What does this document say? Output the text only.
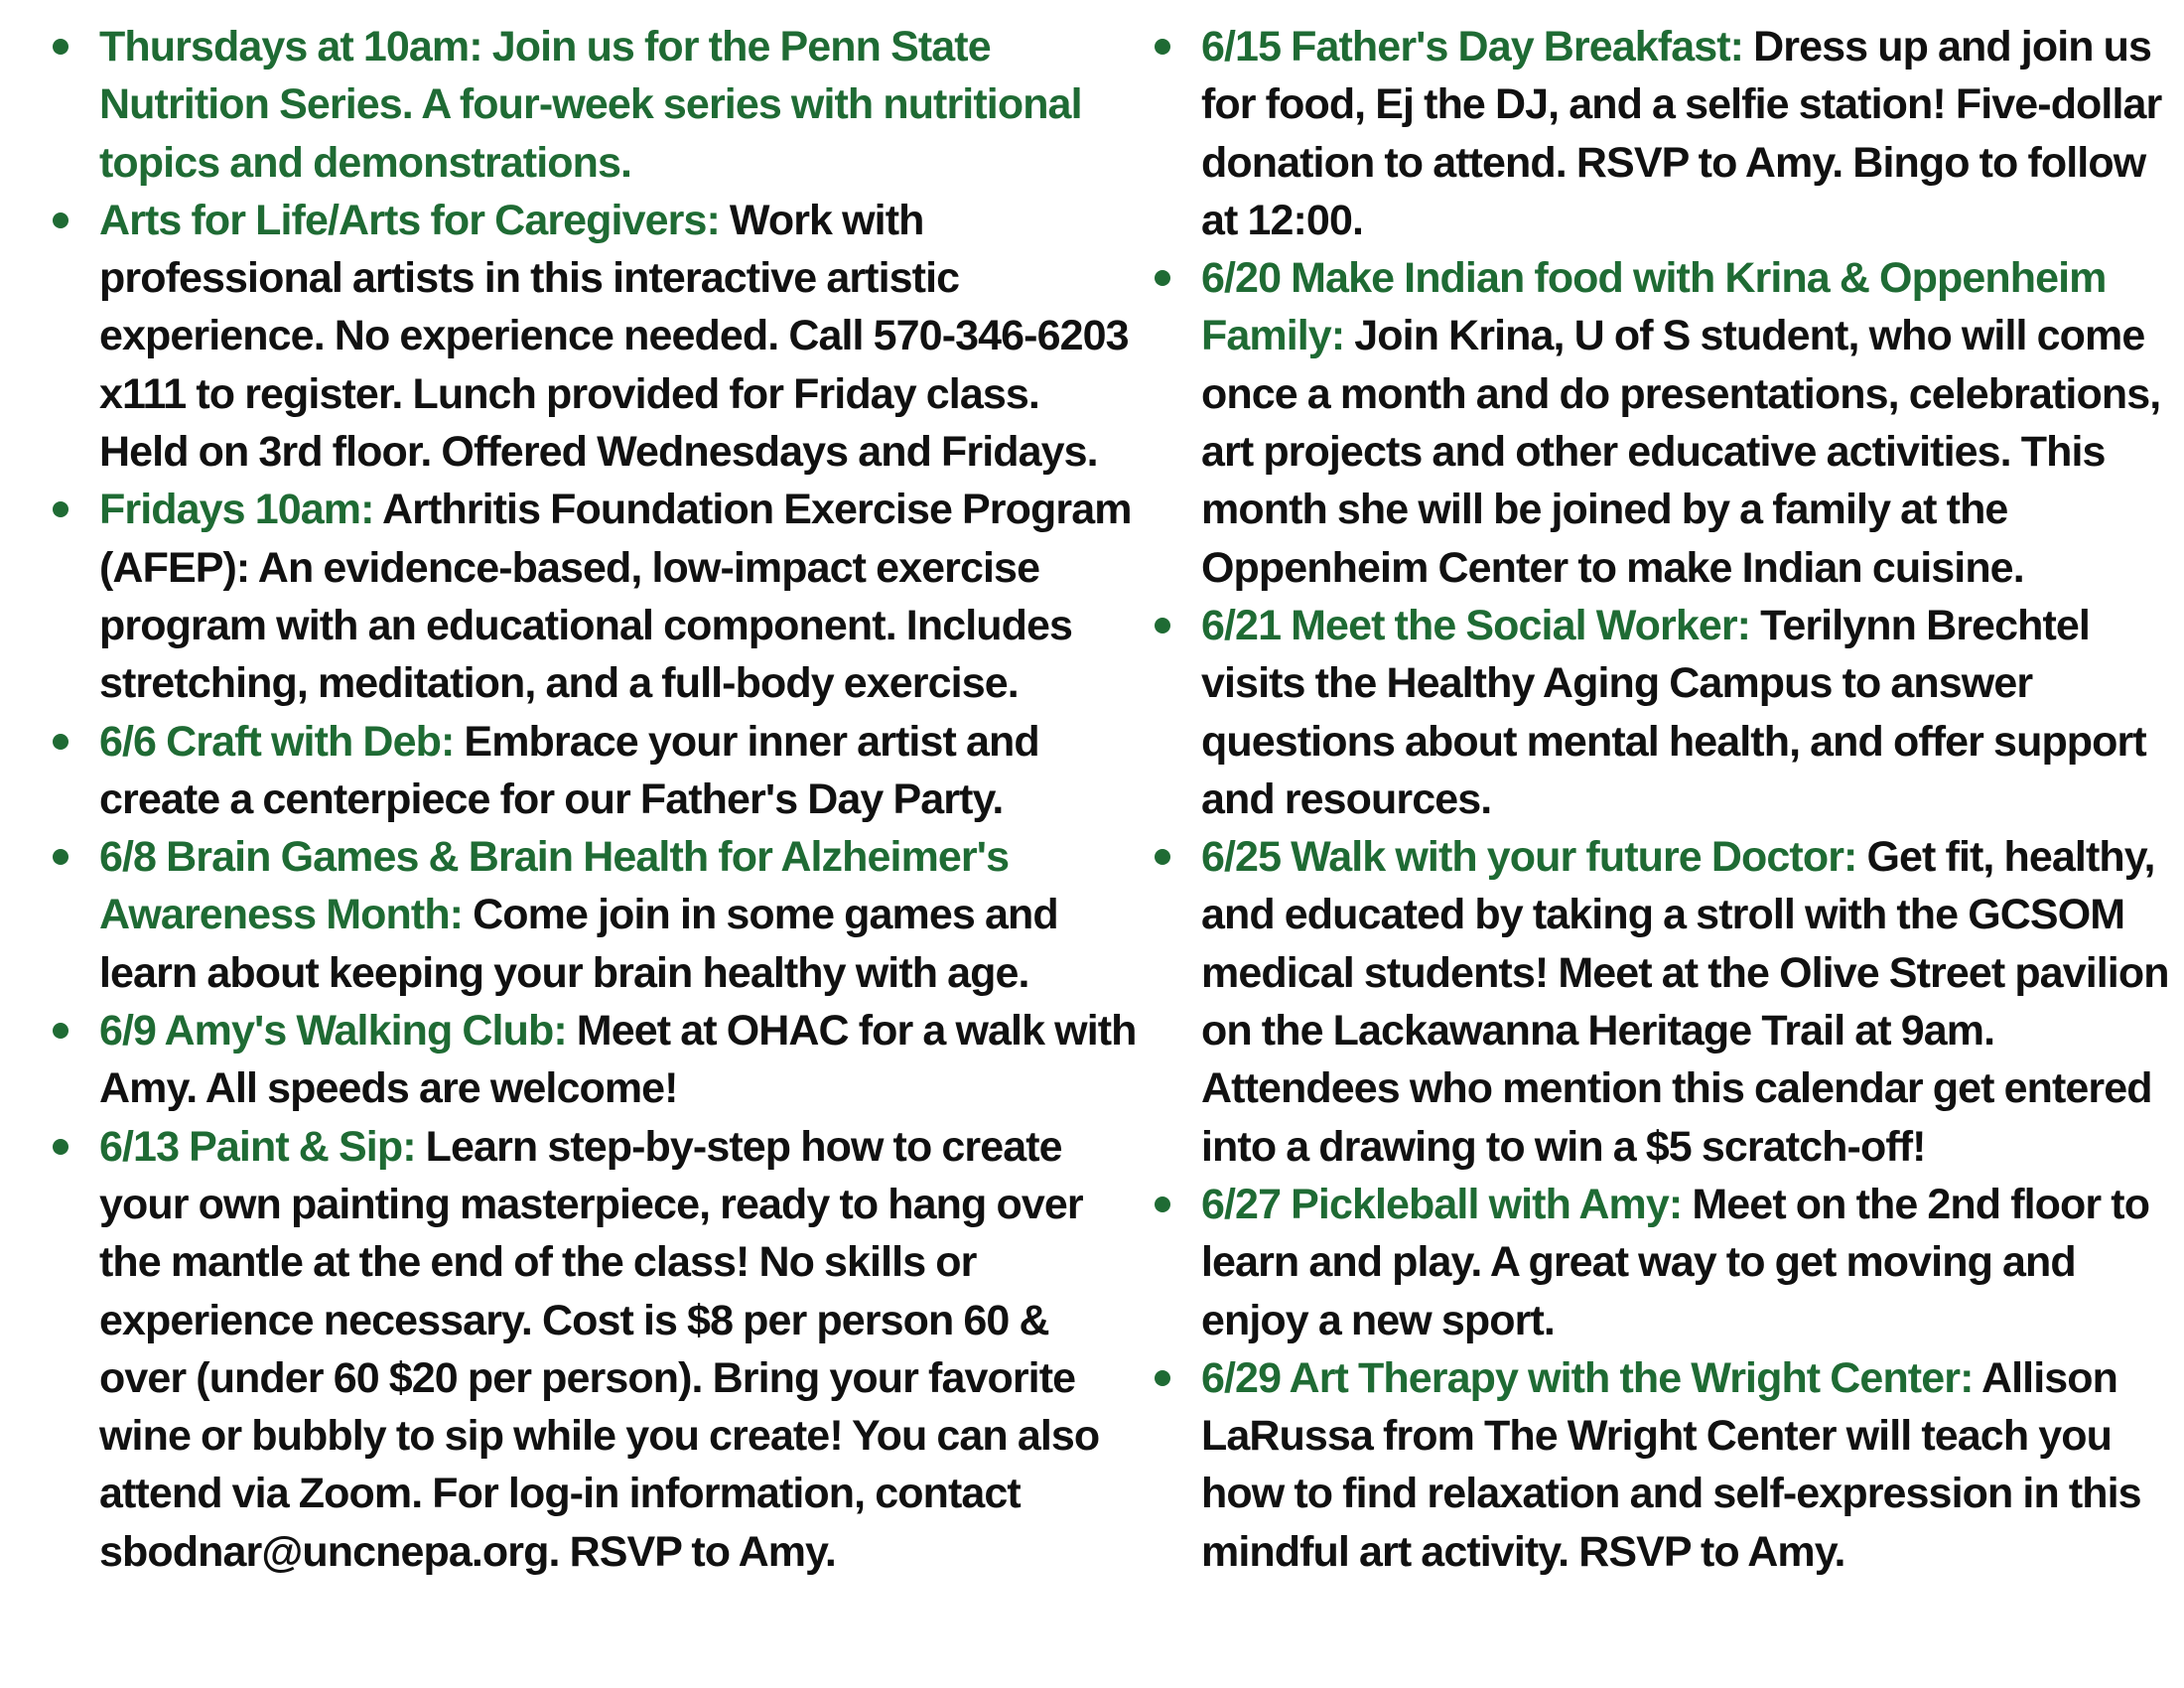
Thursdays at 10am: Join us for the Penn State Nutrition Series. A four-week series with nutritional topics and demonstrations.
Arts for Life/Arts for Caregivers: Work with professional artists in this interactive artistic experience. No experience needed. Call 570-346-6203 x111 to register. Lunch provided for Friday class. Held on 3rd floor. Offered Wednesdays and Fridays.
Fridays 10am: Arthritis Foundation Exercise Program (AFEP): An evidence-based, low-impact exercise program with an educational component. Includes stretching, meditation, and a full-body exercise.
6/6 Craft with Deb: Embrace your inner artist and create a centerpiece for our Father's Day Party.
6/8 Brain Games & Brain Health for Alzheimer's Awareness Month: Come join in some games and learn about keeping your brain healthy with age.
6/9 Amy's Walking Club: Meet at OHAC for a walk with Amy. All speeds are welcome!
6/13 Paint & Sip: Learn step-by-step how to create your own painting masterpiece, ready to hang over the mantle at the end of the class! No skills or experience necessary. Cost is $8 per person 60 & over (under 60 $20 per person). Bring your favorite wine or bubbly to sip while you create! You can also attend via Zoom. For log-in information, contact sbodnar@uncnepa.org. RSVP to Amy.
6/15 Father's Day Breakfast: Dress up and join us for food, Ej the DJ, and a selfie station! Five-dollar donation to attend. RSVP to Amy. Bingo to follow at 12:00.
6/20 Make Indian food with Krina & Oppenheim Family: Join Krina, U of S student, who will come once a month and do presentations, celebrations, art projects and other educative activities. This month she will be joined by a family at the Oppenheim Center to make Indian cuisine.
6/21 Meet the Social Worker: Terilynn Brechtel visits the Healthy Aging Campus to answer questions about mental health, and offer support and resources.
6/25 Walk with your future Doctor: Get fit, healthy, and educated by taking a stroll with the GCSOM medical students! Meet at the Olive Street pavilion on the Lackawanna Heritage Trail at 9am. Attendees who mention this calendar get entered into a drawing to win a $5 scratch-off!
6/27 Pickleball with Amy: Meet on the 2nd floor to learn and play. A great way to get moving and enjoy a new sport.
6/29 Art Therapy with the Wright Center: Allison LaRussa from The Wright Center will teach you how to find relaxation and self-expression in this mindful art activity. RSVP to Amy.
